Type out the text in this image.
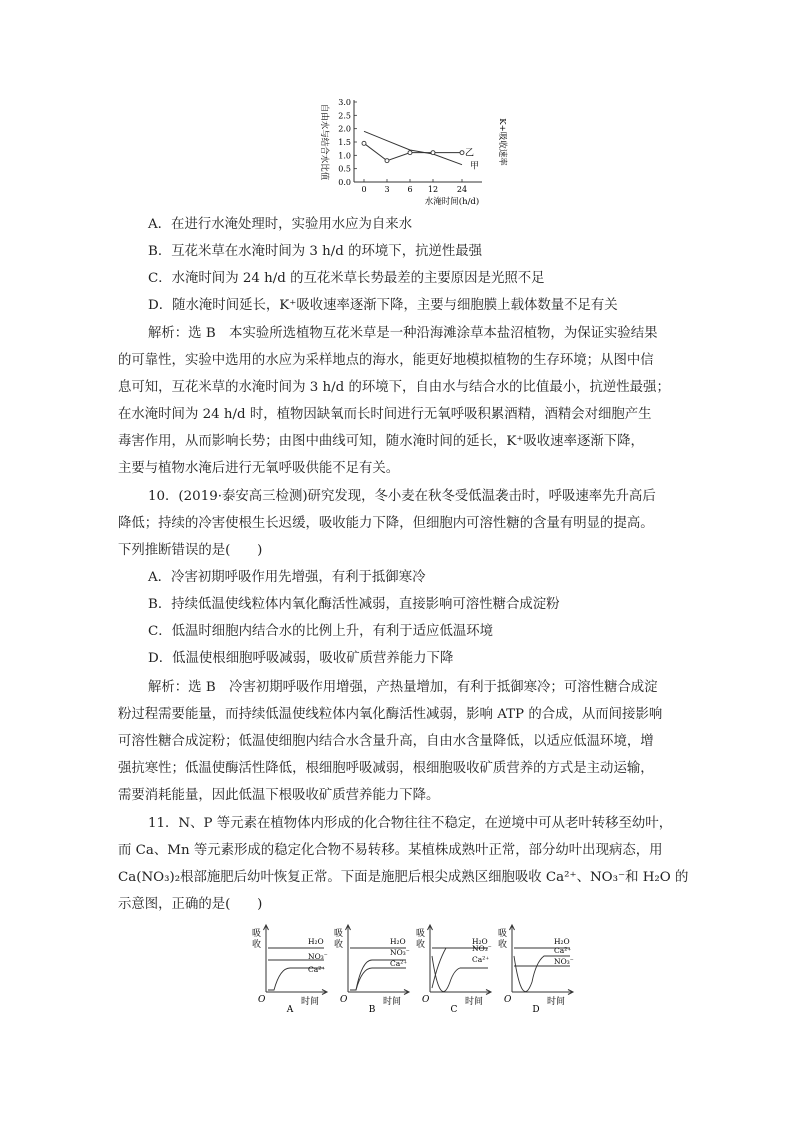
3.0
2.5
2.0
1.5
1.0
0.5
0.0
0 3 6 12 24
水淹时间(h/d)
自由水与结合水比值	K+吸收速率
甲
乙
A．在进行水淹处理时，实验用水应为自来水
B．互花米草在水淹时间为 3 h/d 的环境下，抗逆性最强
C．水淹时间为 24 h/d 的互花米草长势最差的主要原因是光照不足
D．随水淹时间延长，K⁺吸收速率逐渐下降，主要与细胞膜上载体数量不足有关
解析：选 B　本实验所选植物互花米草是一种沿海滩涂草本盐沼植物，为保证实验结果
的可靠性，实验中选用的水应为采样地点的海水，能更好地模拟植物的生存环境；从图中信
息可知，互花米草的水淹时间为 3 h/d 的环境下，自由水与结合水的比值最小，抗逆性最强；
在水淹时间为 24 h/d 时，植物因缺氧而长时间进行无氧呼吸积累酒精，酒精会对细胞产生
毒害作用，从而影响长势；由图中曲线可知，随水淹时间的延长，K⁺吸收速率逐渐下降，
主要与植物水淹后进行无氧呼吸供能不足有关。
10．(2019·泰安高三检测)研究发现，冬小麦在秋冬受低温袭击时，呼吸速率先升高后
降低；持续的冷害使根生长迟缓，吸收能力下降，但细胞内可溶性糖的含量有明显的提高。
下列推断错误的是(　　)
A．冷害初期呼吸作用先增强，有利于抵御寒冷
B．持续低温使线粒体内氧化酶活性减弱，直接影响可溶性糖合成淀粉
C．低温时细胞内结合水的比例上升，有利于适应低温环境
D．低温使根细胞呼吸减弱，吸收矿质营养能力下降
解析：选 B　冷害初期呼吸作用增强，产热量增加，有利于抵御寒冷；可溶性糖合成淀
粉过程需要能量，而持续低温使线粒体内氧化酶活性减弱，影响 ATP 的合成，从而间接影响
可溶性糖合成淀粉；低温使细胞内结合水含量升高，自由水含量降低，以适应低温环境，增
强抗寒性；低温使酶活性降低，根细胞呼吸减弱，根细胞吸收矿质营养的方式是主动运输，
需要消耗能量，因此低温下根吸收矿质营养能力下降。
11．N、P 等元素在植物体内形成的化合物往往不稳定，在逆境中可从老叶转移至幼叶，
而 Ca、Mn 等元素形成的稳定化合物不易转移。某植株成熟叶正常，部分幼叶出现病态，用
Ca(NO₃)₂根部施肥后幼叶恢复正常。下面是施肥后根尖成熟区细胞吸收 Ca²⁺、NO₃⁻和 H₂O 的
示意图，正确的是(　　)
吸
收
O	时间
A
H₂O
NO₃⁻
Ca²⁺
吸
收
O	时间
B
H₂O
NO₃⁻
Ca²⁺
吸
收
O	时间
C
H₂O
NO₃⁻
Ca²⁺
吸
收
O	时间
D
H₂O
Ca²⁺
NO₃⁻
